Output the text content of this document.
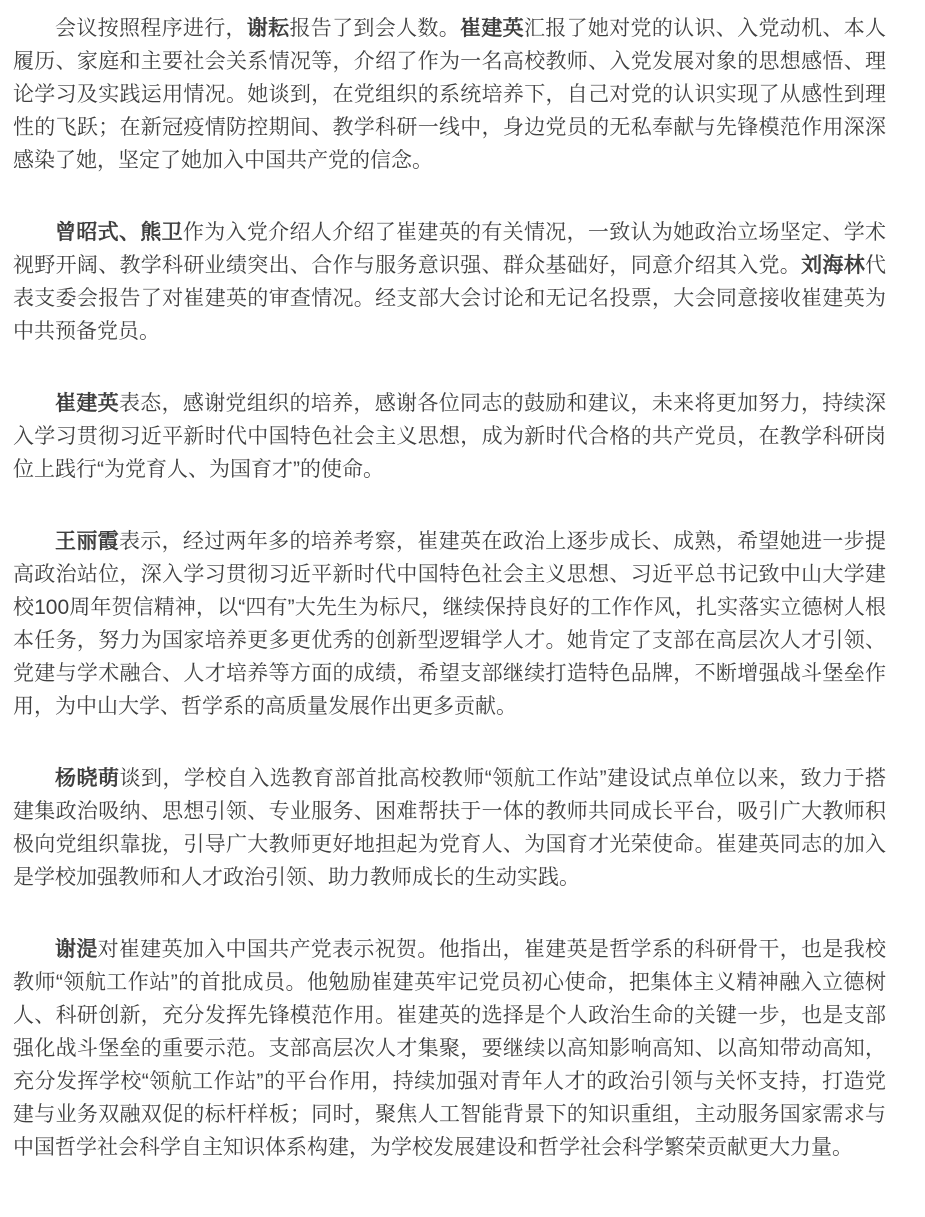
会议按照程序进行，谢耘报告了到会人数。崔建英汇报了她对党的认识、入党动机、本人履历、家庭和主要社会关系情况等，介绍了作为一名高校教师、入党发展对象的思想感悟、理论学习及实践运用情况。她谈到，在党组织的系统培养下，自己对党的认识实现了从感性到理性的飞跃；在新冠疫情防控期间、教学科研一线中，身边党员的无私奉献与先锋模范作用深深感染了她，坚定了她加入中国共产党的信念。

曾昭式、熊卫作为入党介绍人介绍了崔建英的有关情况，一致认为她政治立场坚定、学术视野开阔、教学科研业绩突出、合作与服务意识强、群众基础好，同意介绍其入党。刘海林代表支委会报告了对崔建英的审查情况。经支部大会讨论和无记名投票，大会同意接收崔建英为中共预备党员。

崔建英表态，感谢党组织的培养，感谢各位同志的鼓励和建议，未来将更加努力，持续深入学习贯彻习近平新时代中国特色社会主义思想，成为新时代合格的共产党员，在教学科研岗位上践行“为党育人、为国育才”的使命。

王丽霞表示，经过两年多的培养考察，崔建英在政治上逐步成长、成熟，希望她进一步提高政治站位，深入学习贯彻习近平新时代中国特色社会主义思想、习近平总书记致中山大学建校100周年贺信精神，以“四有”大先生为标尺，继续保持良好的工作作风，扎实落实立德树人根本任务，努力为国家培养更多更优秀的创新型逻辑学人才。她肯定了支部在高层次人才引领、党建与学术融合、人才培养等方面的成绩，希望支部继续打造特色品牌，不断增强战斗堡垒作用，为中山大学、哲学系的高质量发展作出更多贡献。

杨晓萌谈到，学校自入选教育部首批高校教师“领航工作站”建设试点单位以来，致力于搭建集政治吸纳、思想引领、专业服务、困难帮扶于一体的教师共同成长平台，吸引广大教师积极向党组织靠拢，引导广大教师更好地担起为党育人、为国育才光荣使命。崔建英同志的加入是学校加强教师和人才政治引领、助力教师成长的生动实践。

谢湜对崔建英加入中国共产党表示祝贺。他指出，崔建英是哲学系的科研骨干，也是我校教师“领航工作站”的首批成员。他勉励崔建英牢记党员初心使命，把集体主义精神融入立德树人、科研创新，充分发挥先锋模范作用。崔建英的选择是个人政治生命的关键一步，也是支部强化战斗堡垒的重要示范。支部高层次人才集聚，要继续以高知影响高知、以高知带动高知，充分发挥学校“领航工作站”的平台作用，持续加强对青年人才的政治引领与关怀支持，打造党建与业务双融双促的标杆样板；同时，聚焦人工智能背景下的知识重组，主动服务国家需求与中国哲学社会科学自主知识体系构建，为学校发展建设和哲学社会科学繁荣贡献更大力量。
